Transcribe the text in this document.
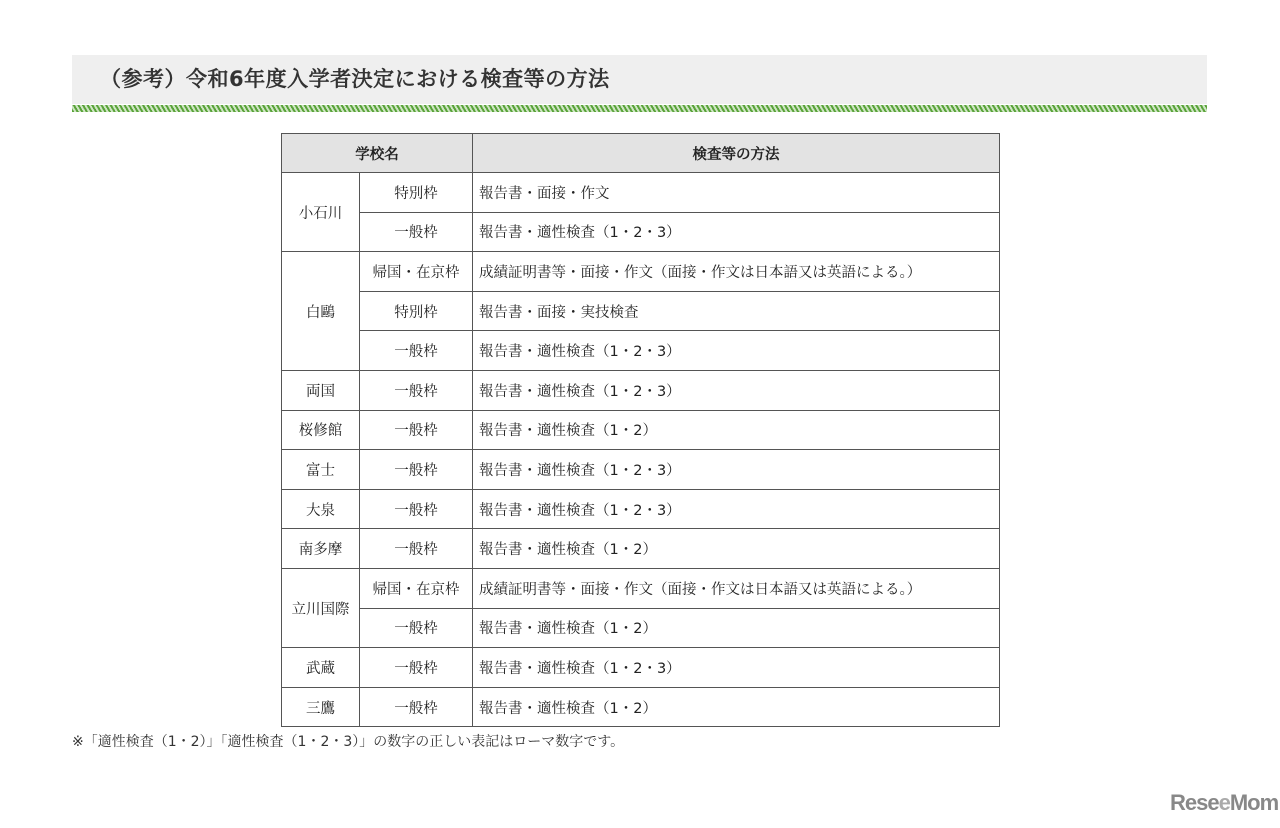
（参考）令和6年度入学者決定における検査等の方法
学校名		検査等の方法
小石川	特別枠	報告書・面接・作文
	一般枠	報告書・適性検査（1・2・3）
白鷗	帰国・在京枠	成績証明書等・面接・作文（面接・作文は日本語又は英語による。）
	特別枠	報告書・面接・実技検査
	一般枠	報告書・適性検査（1・2・3）
両国	一般枠	報告書・適性検査（1・2・3）
桜修館	一般枠	報告書・適性検査（1・2）
富士	一般枠	報告書・適性検査（1・2・3）
大泉	一般枠	報告書・適性検査（1・2・3）
南多摩	一般枠	報告書・適性検査（1・2）
立川国際	帰国・在京枠	成績証明書等・面接・作文（面接・作文は日本語又は英語による。）
	一般枠	報告書・適性検査（1・2）
武蔵	一般枠	報告書・適性検査（1・2・3）
三鷹	一般枠	報告書・適性検査（1・2）
※「適性検査（1・2）」「適性検査（1・2・3）」の数字の正しい表記はローマ数字です。
ReseeMom
